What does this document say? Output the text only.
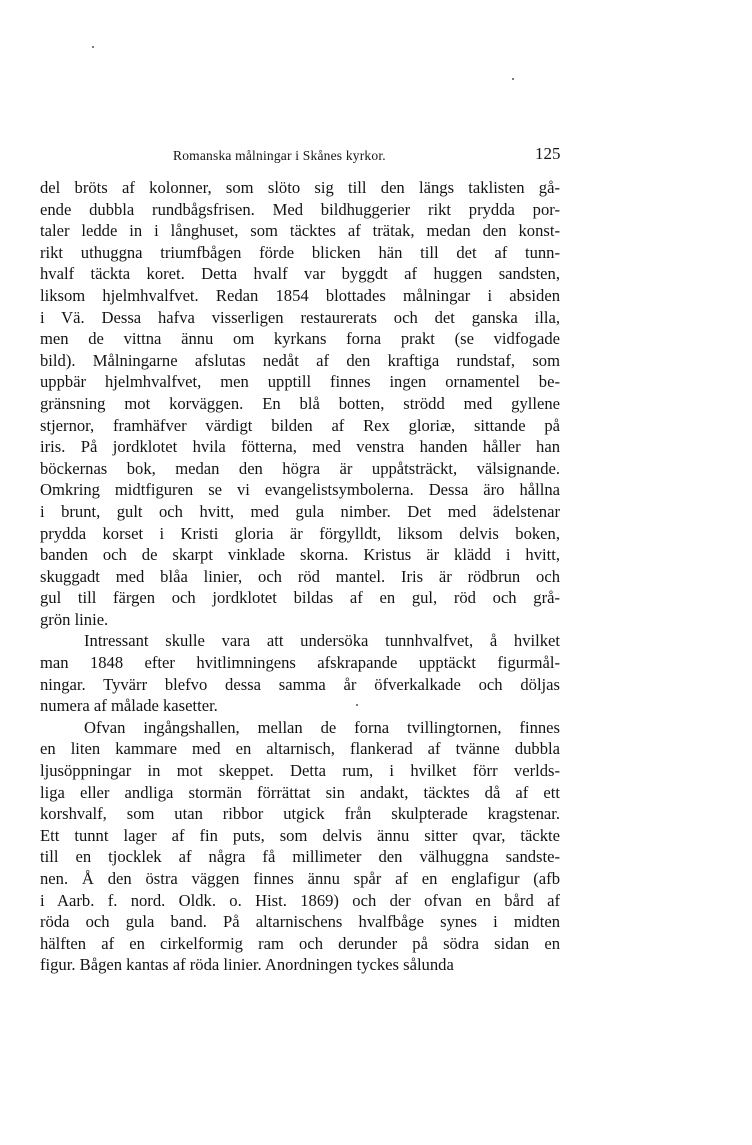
Romanska målningar i Skånes kyrkor.	125
del bröts af kolonner, som slöto sig till den längs taklisten gå-
ende dubbla rundbågsfrisen. Med bildhuggerier rikt prydda por-
taler ledde in i långhuset, som täcktes af trätak, medan den konst-
rikt uthuggna triumfbågen förde blicken hän till det af tunn-
hvalf täckta koret. Detta hvalf var byggdt af huggen sandsten,
liksom hjelmhvalfvet. Redan 1854 blottades målningar i absiden
i Vä. Dessa hafva visserligen restaurerats och det ganska illa,
men de vittna ännu om kyrkans forna prakt (se vidfogade
bild). Målningarne afslutas nedåt af den kraftiga rundstaf, som
uppbär hjelmhvalfvet, men upptill finnes ingen ornamentel be-
gränsning mot korväggen. En blå botten, strödd med gyllene
stjernor, framhäfver värdigt bilden af Rex gloriæ, sittande på
iris. På jordklotet hvila fötterna, med venstra handen håller han
böckernas bok, medan den högra är uppåtsträckt, välsignande.
Omkring midtfiguren se vi evangelistsymbolerna. Dessa äro hållna
i brunt, gult och hvitt, med gula nimber. Det med ädelstenar
prydda korset i Kristi gloria är förgylldt, liksom delvis boken,
banden och de skarpt vinklade skorna. Kristus är klädd i hvitt,
skuggadt med blåa linier, och röd mantel. Iris är rödbrun och
gul till färgen och jordklotet bildas af en gul, röd och grå-
grön linie.
Intressant skulle vara att undersöka tunnhvalfvet, å hvilket
man 1848 efter hvitlimningens afskrapande upptäckt figurmål-
ningar. Tyvärr blefvo dessa samma år öfverkalkade och döljas
numera af målade kasetter.
Ofvan ingångshallen, mellan de forna tvillingtornen, finnes
en liten kammare med en altarnisch, flankerad af tvänne dubbla
ljusöppningar in mot skeppet. Detta rum, i hvilket förr verlds-
liga eller andliga stormän förrättat sin andakt, täcktes då af ett
korshvalf, som utan ribbor utgick från skulpterade kragstenar.
Ett tunnt lager af fin puts, som delvis ännu sitter qvar, täckte
till en tjocklek af några få millimeter den välhuggna sandste-
nen. Å den östra väggen finnes ännu spår af en englafigur (afb
i Aarb. f. nord. Oldk. o. Hist. 1869) och der ofvan en bård af
röda och gula band. På altarnischens hvalfbåge synes i midten
hälften af en cirkelformig ram och derunder på södra sidan en
figur. Bågen kantas af röda linier. Anordningen tyckes sålunda
